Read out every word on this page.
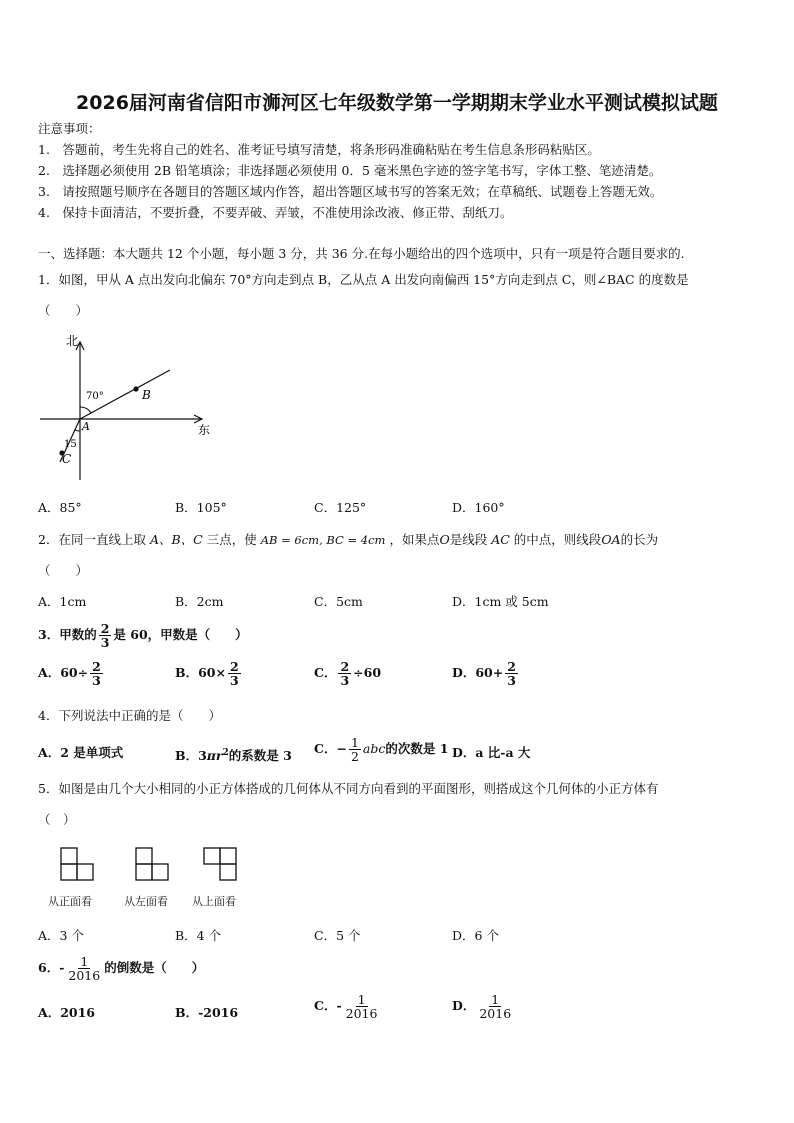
2026届河南省信阳市浉河区七年级数学第一学期期末学业水平测试模拟试题
注意事项：
1.　答题前，考生先将自己的姓名、准考证号填写清楚，将条形码准确粘贴在考生信息条形码粘贴区。
2.　选择题必须使用 2B 铅笔填涂；非选择题必须使用 0．5 毫米黑色字迹的签字笔书写，字体工整、笔迹清楚。
3.　请按照题号顺序在各题目的答题区域内作答，超出答题区域书写的答案无效；在草稿纸、试题卷上答题无效。
4.　保持卡面清洁，不要折叠，不要弄破、弄皱，不准使用涂改液、修正带、刮纸刀。
一、选择题：本大题共 12 个小题，每小题 3 分，共 36 分.在每小题给出的四个选项中，只有一项是符合题目要求的.
1．如图，甲从 A 点出发向北偏东 70°方向走到点 B，乙从点 A 出发向南偏西 15°方向走到点 C，则∠BAC 的度数是
（　　）
北
东
A
B
C
70°
15
A．85°	B．105°	C．125°	D．160°
2．在同一直线上取 A、B、C 三点，使 AB = 6cm, BC = 4cm ，如果点O是线段 AC 的中点，则线段OA的长为
（　　）
A．1cm	B．2cm	C．5cm	D．1cm 或 5cm
3．甲数的 $\frac{2}{3}$ 是 60，甲数是（　　）
A．$60\div \frac{2}{3}$	B．$60\times \frac{2}{3}$	C． $\frac{2}{3} \div 60$	D．$60+ \frac{2}{3}$
4．下列说法中正确的是（　　）
A．2 是单项式	B．$3\pi r^2$的系数是 3 C．− $\frac{1}{2}$ abc的次数是 1 D．a 比-a 大
5．如图是由几个大小相同的小正方体搭成的几何体从不同方向看到的平面图形，则搭成这个几何体的小正方体有
（　）
从正面看	从左面看 从上面看
A．3 个	B．4 个	C．5 个	D．6 个
6．- $\frac{1}{2016}$ 的倒数是（　　）
A．2016	B．-2016	C．- $\frac{1}{2016}$	D． $\frac{1}{2016}$
